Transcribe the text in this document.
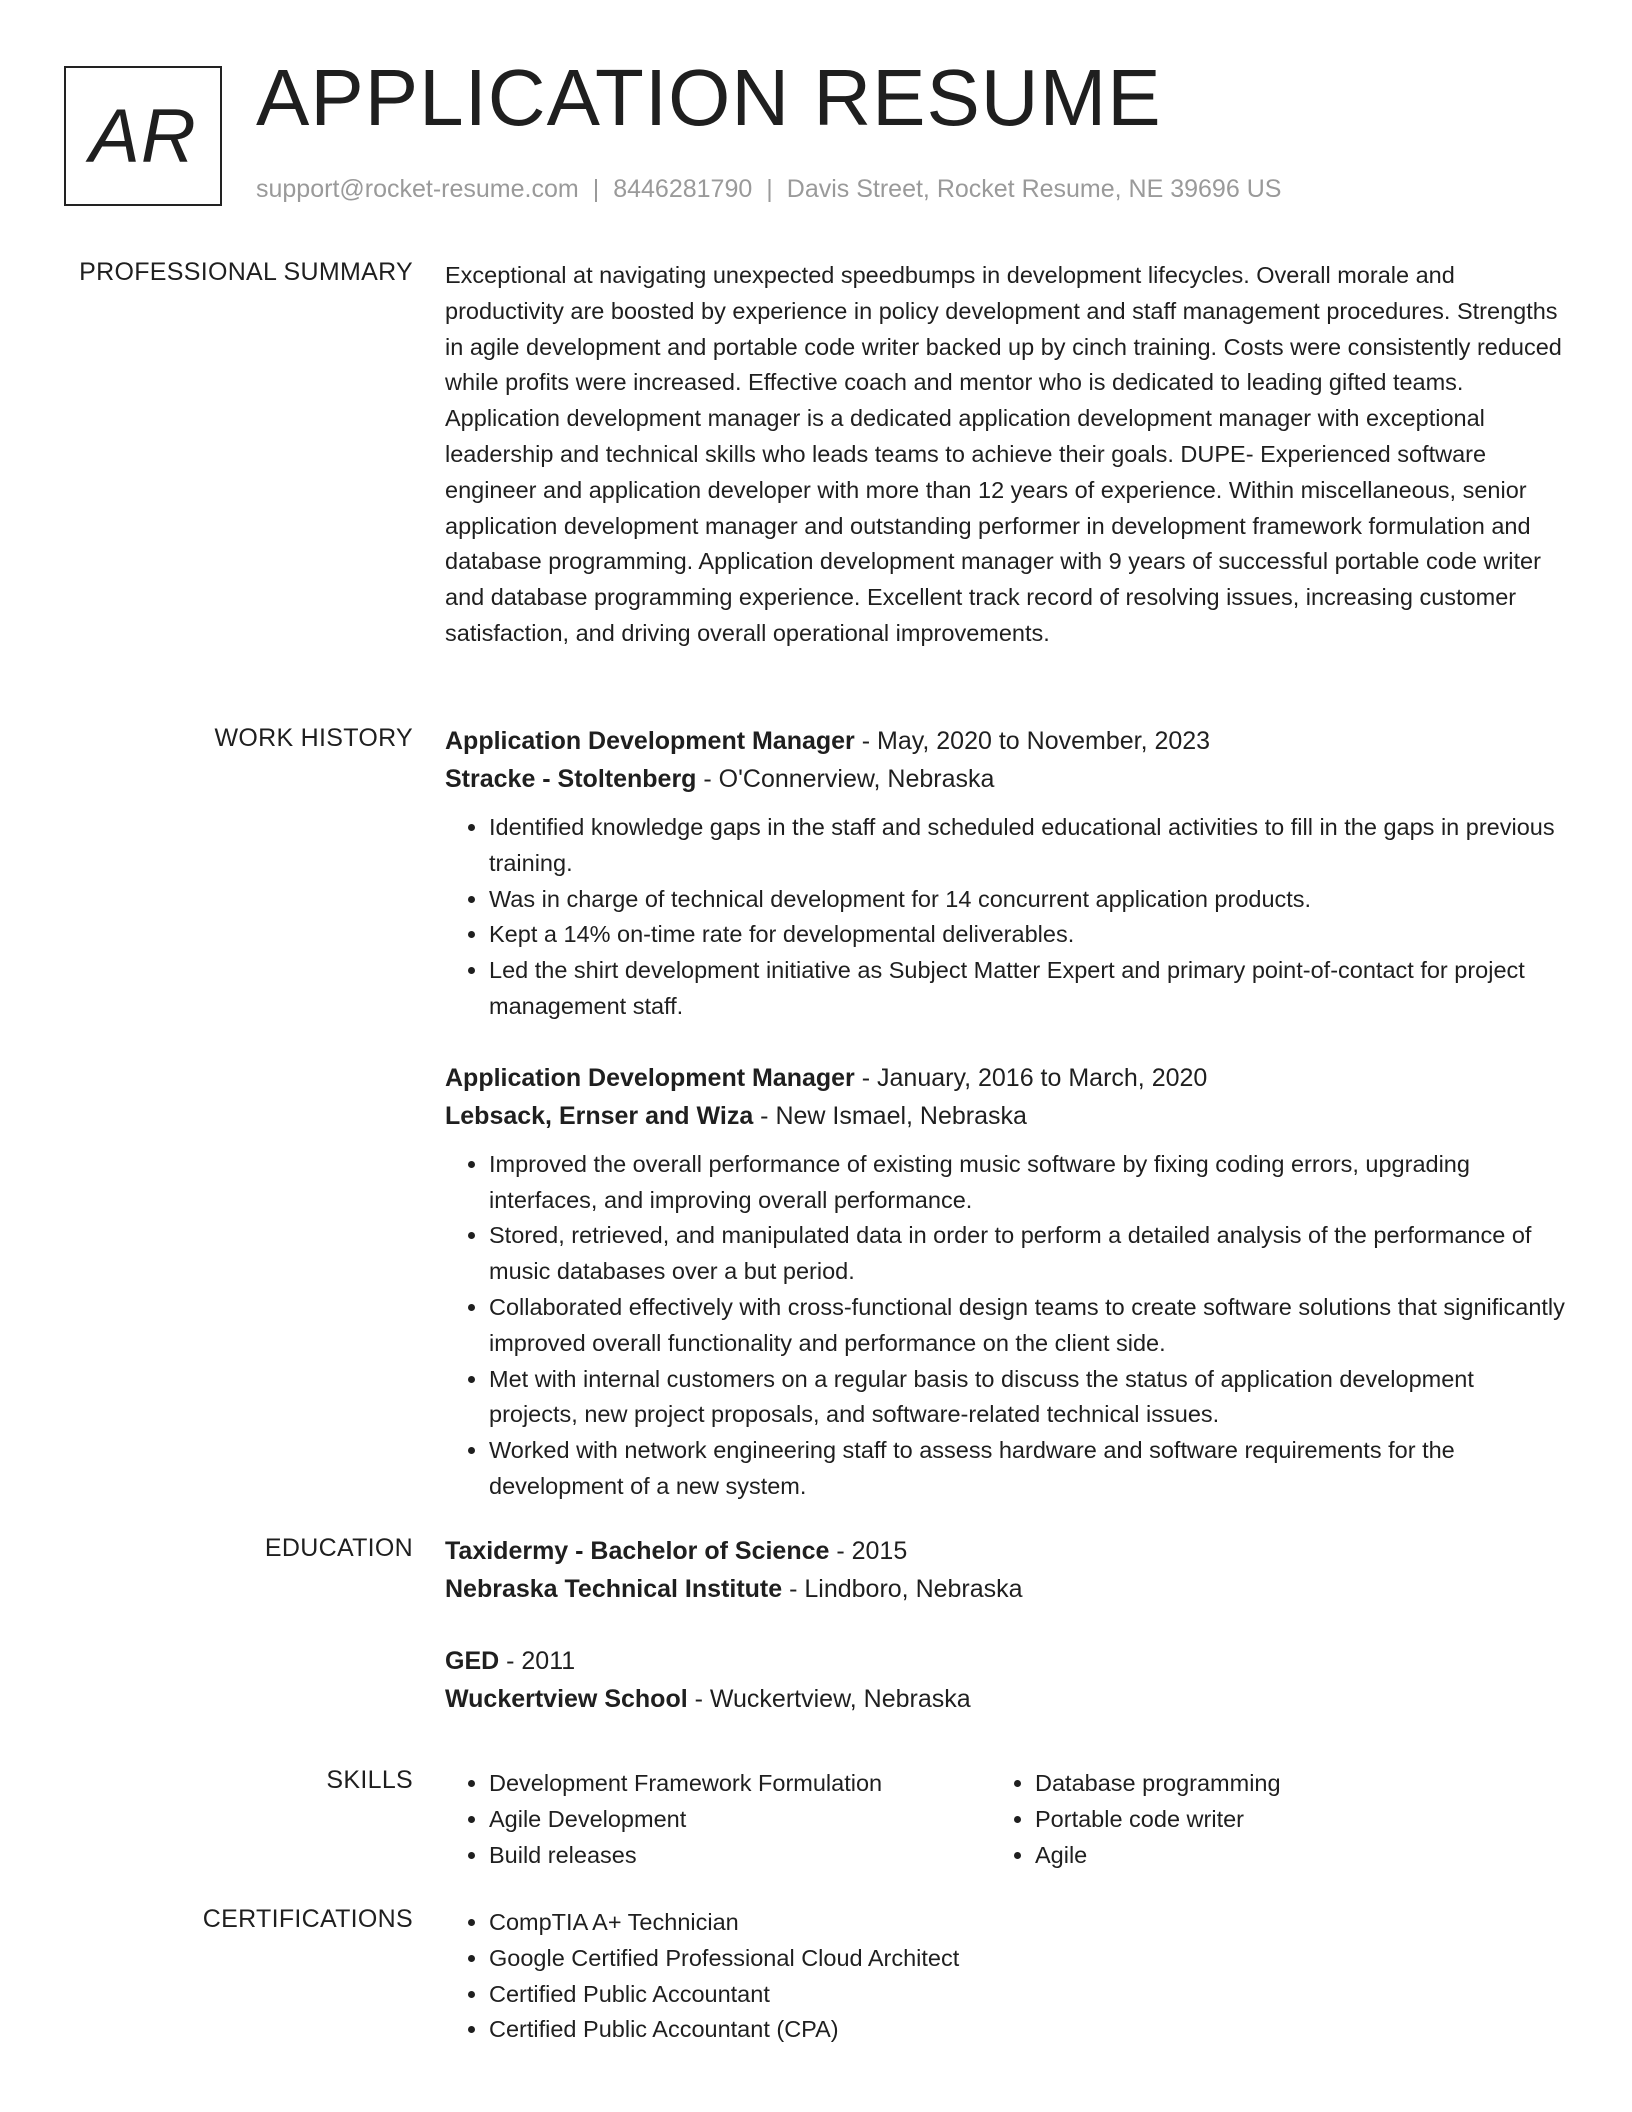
AR APPLICATION RESUME
support@rocket-resume.com | 8446281790 | Davis Street, Rocket Resume, NE 39696 US
PROFESSIONAL SUMMARY Exceptional at navigating unexpected speedbumps in development lifecycles. Overall morale and productivity are boosted by experience in policy development and staff management procedures. Strengths in agile development and portable code writer backed up by cinch training. Costs were consistently reduced while profits were increased. Effective coach and mentor who is dedicated to leading gifted teams. Application development manager is a dedicated application development manager with exceptional leadership and technical skills who leads teams to achieve their goals. DUPE- Experienced software engineer and application developer with more than 12 years of experience. Within miscellaneous, senior application development manager and outstanding performer in development framework formulation and database programming. Application development manager with 9 years of successful portable code writer and database programming experience. Excellent track record of resolving issues, increasing customer satisfaction, and driving overall operational improvements.

WORK HISTORY Application Development Manager - May, 2020 to November, 2023
Stracke - Stoltenberg - O'Connerview, Nebraska
• Identified knowledge gaps in the staff and scheduled educational activities to fill in the gaps in previous training.
• Was in charge of technical development for 14 concurrent application products.
• Kept a 14% on-time rate for developmental deliverables.
• Led the shirt development initiative as Subject Matter Expert and primary point-of-contact for project management staff.
Application Development Manager - January, 2016 to March, 2020
Lebsack, Ernser and Wiza - New Ismael, Nebraska
• Improved the overall performance of existing music software by fixing coding errors, upgrading interfaces, and improving overall performance.
• Stored, retrieved, and manipulated data in order to perform a detailed analysis of the performance of music databases over a but period.
• Collaborated effectively with cross-functional design teams to create software solutions that significantly improved overall functionality and performance on the client side.
• Met with internal customers on a regular basis to discuss the status of application development projects, new project proposals, and software-related technical issues.
• Worked with network engineering staff to assess hardware and software requirements for the development of a new system.
EDUCATION Taxidermy - Bachelor of Science - 2015
Nebraska Technical Institute - Lindboro, Nebraska
GED - 2011
Wuckertview School - Wuckertview, Nebraska
SKILLS	• Development Framework Formulation
• Agile Development
• Build releases
• Database programming
• Portable code writer
• Agile
CERTIFICATIONS	• CompTIA A+ Technician
• Google Certified Professional Cloud Architect
• Certified Public Accountant
• Certified Public Accountant (CPA)
